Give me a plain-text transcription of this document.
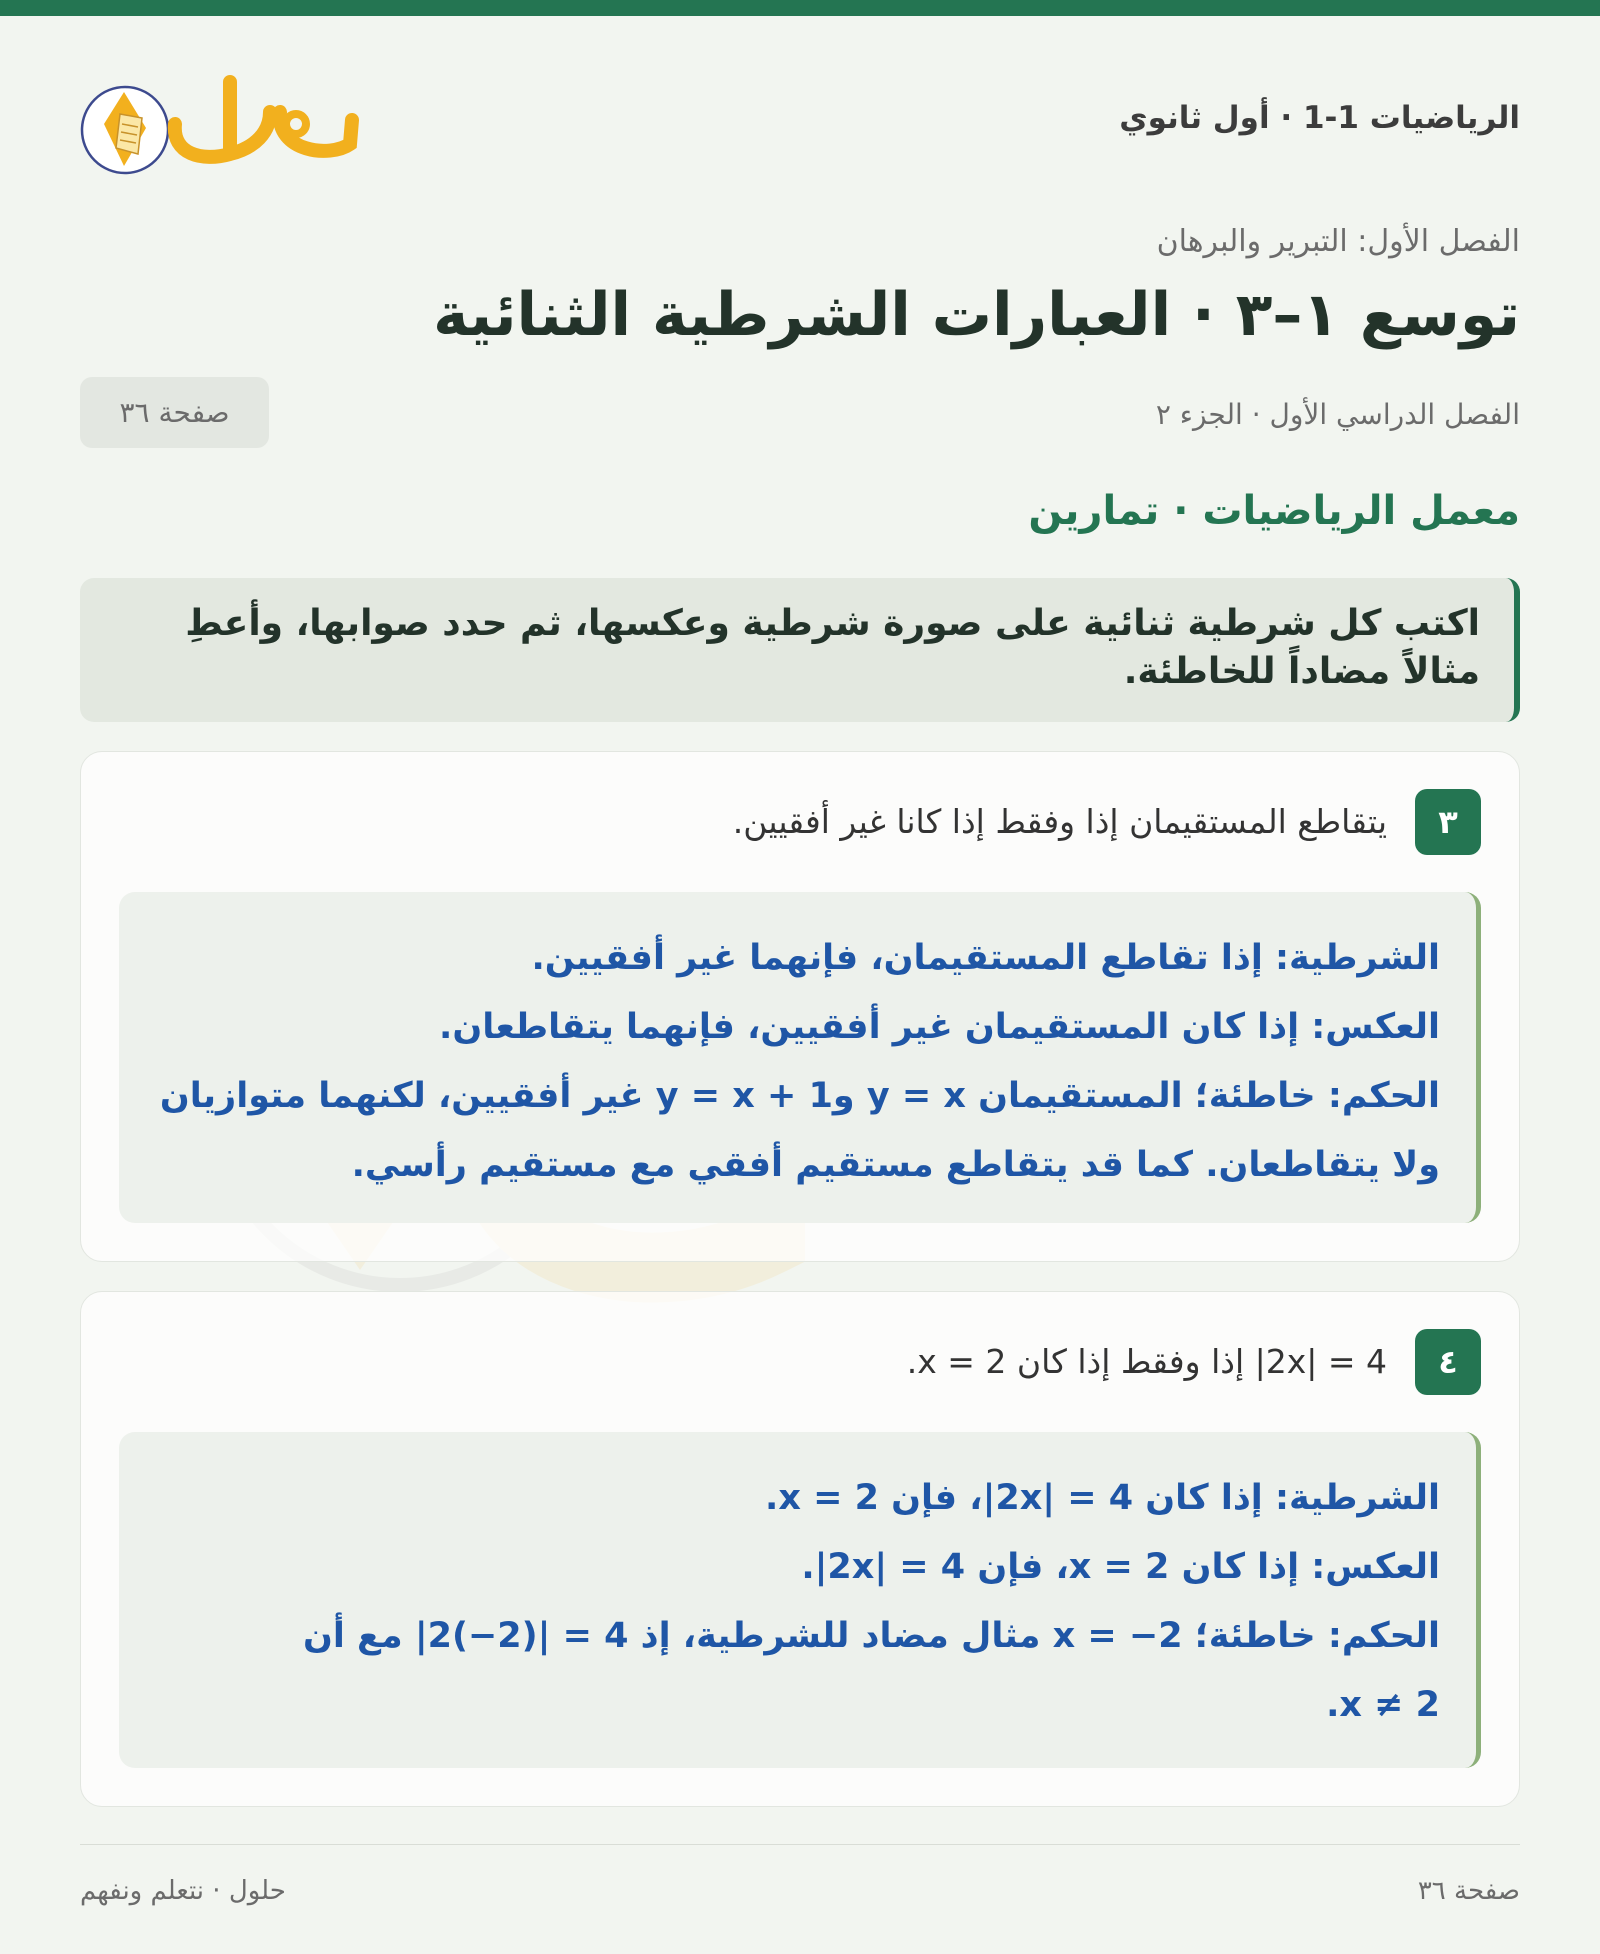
الرياضيات 1-1 · أول ثانوي
الفصل الأول: التبرير والبرهان
توسع ١–٣ · العبارات الشرطية الثنائية
الفصل الدراسي الأول · الجزء ٢
صفحة ٣٦
معمل الرياضيات · تمارين
اكتب كل شرطية ثنائية على صورة شرطية وعكسها، ثم حدد صوابها، وأعطِ مثالاً مضاداً للخاطئة.
٣
يتقاطع المستقيمان إذا وفقط إذا كانا غير أفقيين.

الشرطية: إذا تقاطع المستقيمان، فإنهما غير أفقيين.

العكس: إذا كان المستقيمان غير أفقيين، فإنهما يتقاطعان.

الحكم: خاطئة؛ المستقيمان y = x وy = x + 1 غير أفقيين، لكنهما متوازيان

ولا يتقاطعان. كما قد يتقاطع مستقيم أفقي مع مستقيم رأسي.

٤
|2x| = 4 إذا وفقط إذا كان x = 2.

الشرطية: إذا كان |2x| = 4، فإن x = 2.

العكس: إذا كان x = 2، فإن |2x| = 4.

الحكم: خاطئة؛ x = −2 مثال مضاد للشرطية، إذ |2(−2)| = 4 مع أن

x ≠ 2.

صفحة ٣٦
حلول · نتعلم ونفهم
